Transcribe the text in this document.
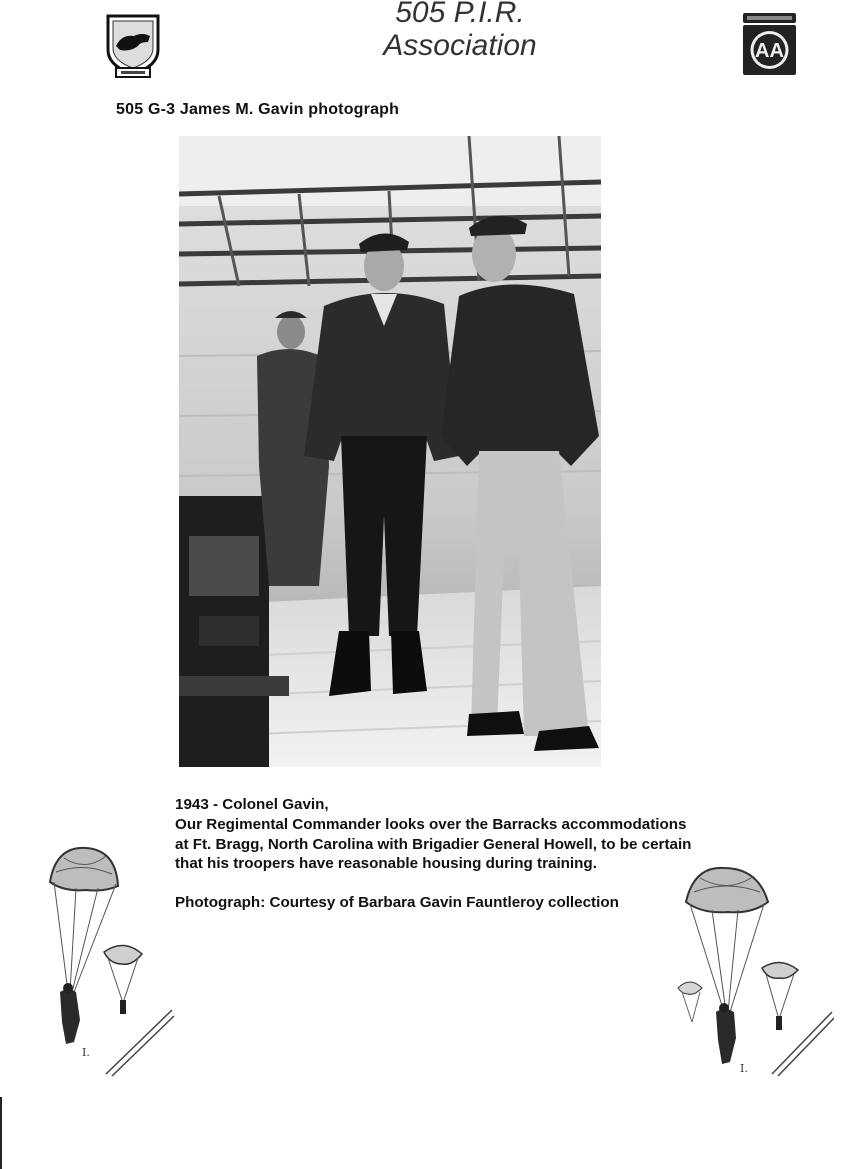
505 P.I.R.
Association	AA
505 G-3 James M. Gavin photograph

1943 - Colonel Gavin,

Our Regimental Commander looks over the Barracks accommodations

at Ft. Bragg, North Carolina with Brigadier General Howell, to be certain

that his troopers have reasonable housing during training.

Photograph: Courtesy of Barbara Gavin Fauntleroy collection

I.
I.
